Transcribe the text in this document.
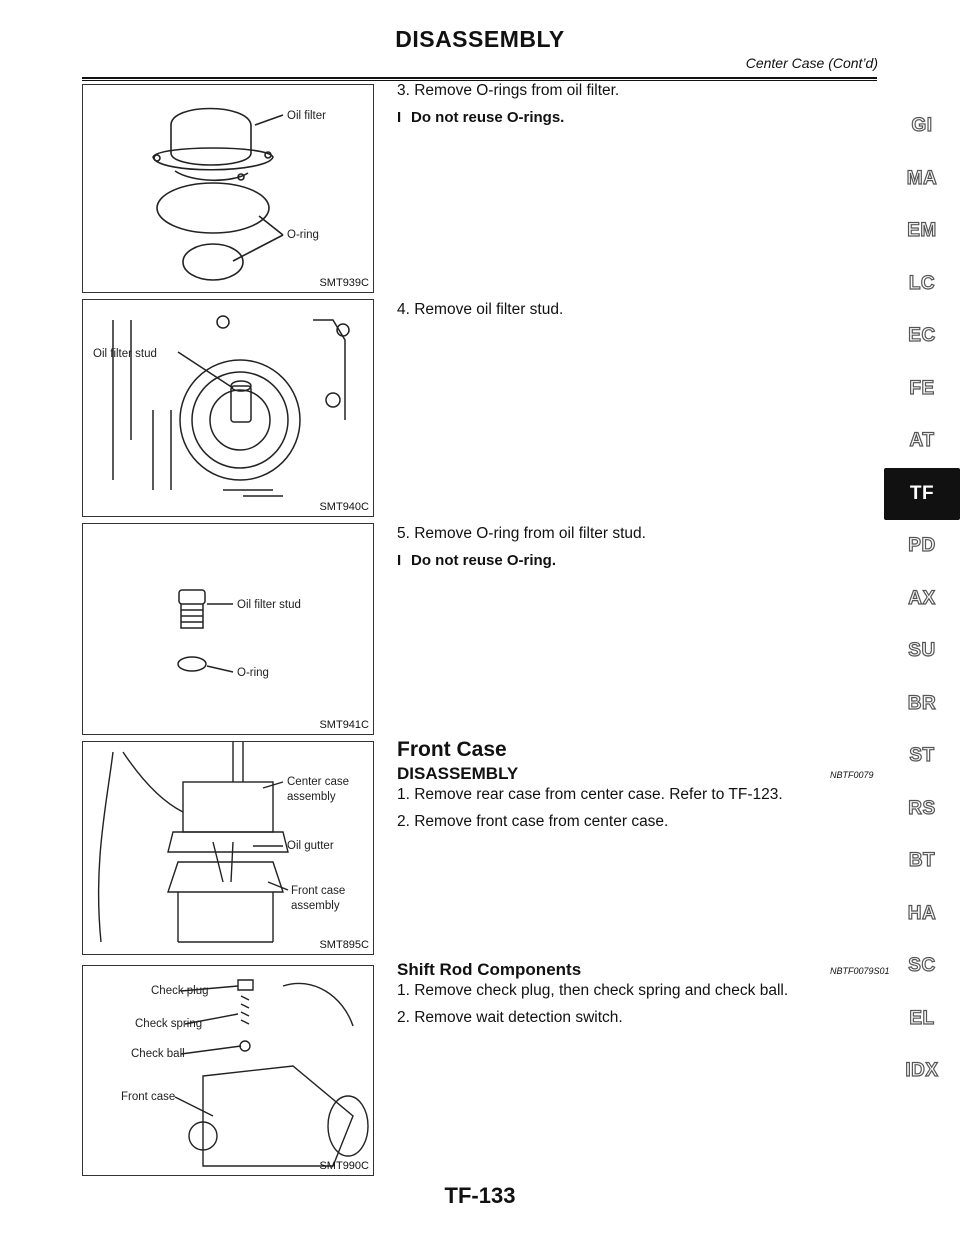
DISASSEMBLY
Center Case (Cont’d)
Oil filter
O-ring
SMT939C
Oil filter stud
SMT940C
Oil filter stud
O-ring
SMT941C
Center case
assembly
Oil gutter
Front case
assembly
SMT895C
Check plug
Check spring
Check ball
Front case
SMT990C

3. Remove O-rings from oil filter.

I Do not reuse O-rings.

4. Remove oil filter stud.

5. Remove O-ring from oil filter stud.

I Do not reuse O-ring.
Front Case
DISASSEMBLY	NBTF0079

1. Remove rear case from center case. Refer to TF-123.

2. Remove front case from center case.

Shift Rod Components	NBTF0079S01

1. Remove check plug, then check spring and check ball.

2. Remove wait detection switch.

GI
MA
EM
LC
EC
FE
AT
TF
PD
AX
SU
BR
ST
RS
BT
HA
SC
EL
IDX
TF-133
